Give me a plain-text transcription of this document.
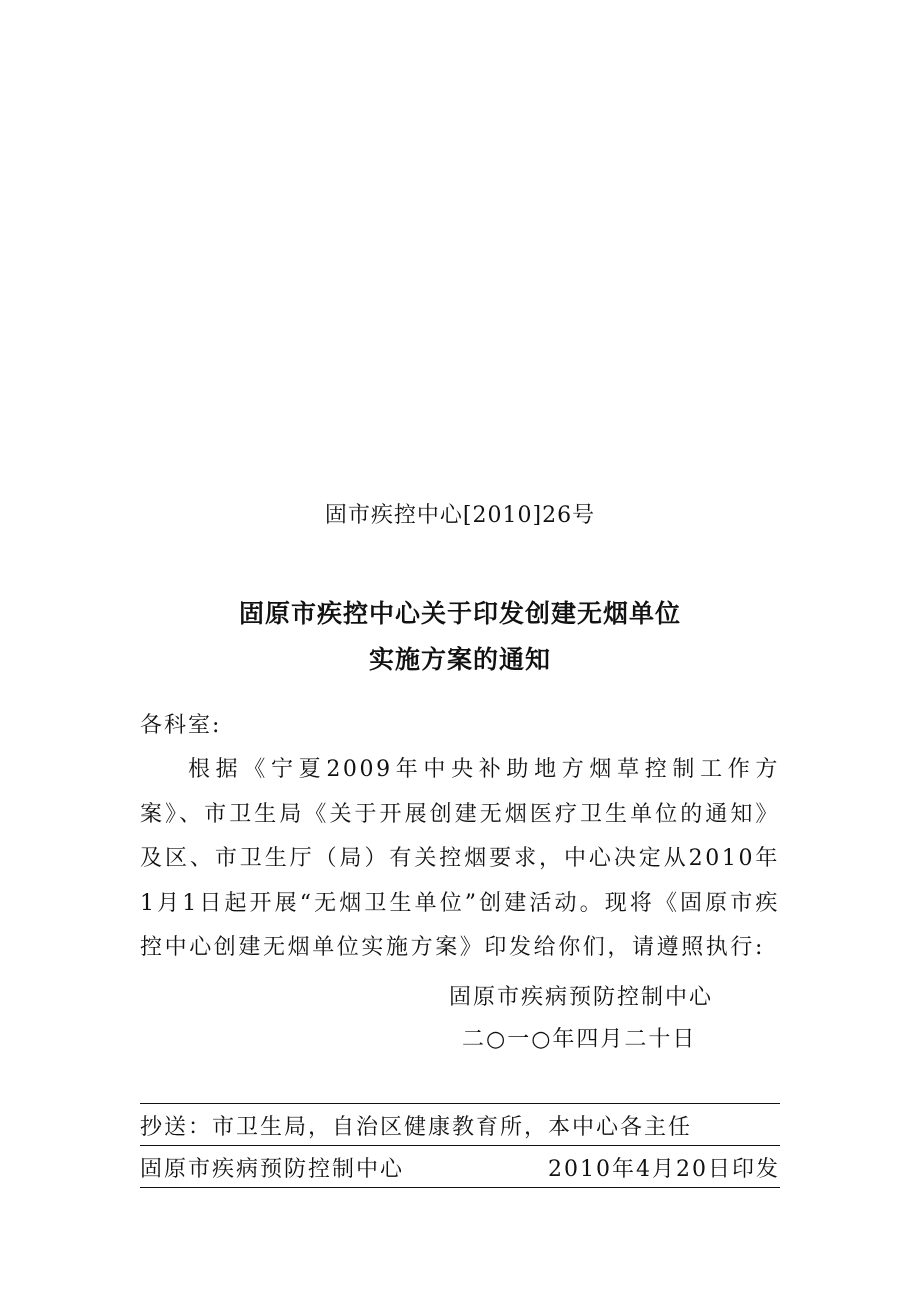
固市疾控中心[2010]26号
固原市疾控中心关于印发创建无烟单位
实施方案的通知
各科室:

根据《宁夏2009年中央补助地方烟草控制工作方案》、市卫生局《关于开展创建无烟医疗卫生单位的通知》及区、市卫生厅（局）有关控烟要求，中心决定从2010年1月1日起开展“无烟卫生单位”创建活动。现将《固原市疾控中心创建无烟单位实施方案》印发给你们，请遵照执行:

固原市疾病预防控制中心
二○一○年四月二十日
抄送：市卫生局，自治区健康教育所，本中心各主任
固原市疾病预防控制中心	2010年4月20日印发
